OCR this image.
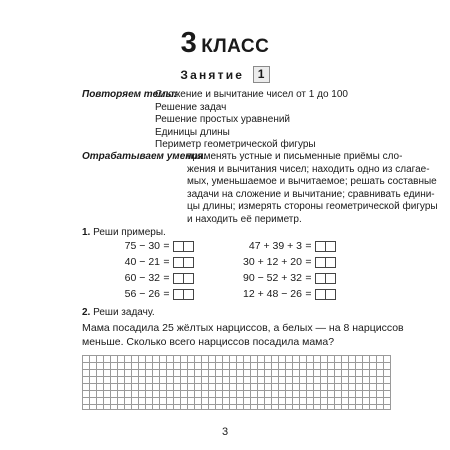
3 КЛАСС
Занятие 1
Повторяем темы:
Сложение и вычитание чисел от 1 до 100
Решение задач
Решение простых уравнений
Единицы длины
Периметр геометрической фигуры
Отрабатываем умения:
применять устные и письменные приёмы сло-
жения и вычитания чисел; находить одно из слагае-
мых, уменьшаемое и вычитаемое; решать составные
задачи на сложение и вычитание; сравнивать едини-
цы длины; измерять стороны геометрической фигуры
и находить её периметр.
1. Реши примеры.
75 − 30 =
40 − 21 =
60 − 32 =
56 − 26 =
47 + 39 + 3 =
30 + 12 + 20 =
90 − 52 + 32 =
12 + 48 − 26 =
2. Реши задачу.
Мама посадила 25 жёлтых нарциссов, а белых — на 8 нарциссов
меньше. Сколько всего нарциссов посадила мама?
3
